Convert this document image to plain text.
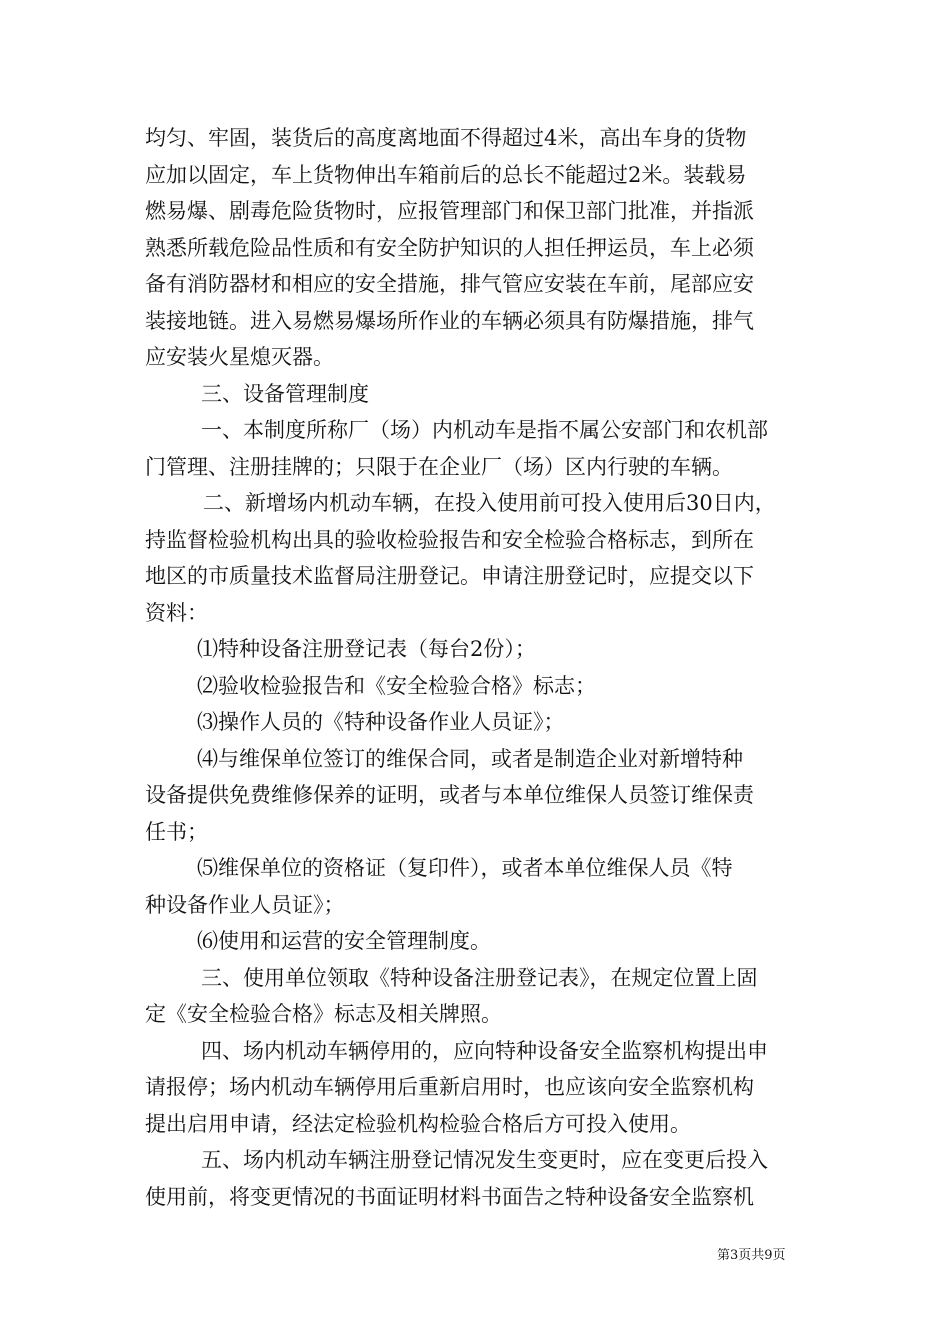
均匀、牢固，装货后的高度离地面不得超过4米，高出车身的货物
应加以固定，车上货物伸出车箱前后的总长不能超过2米。装载易
燃易爆、剧毒危险货物时，应报管理部门和保卫部门批准，并指派
熟悉所载危险品性质和有安全防护知识的人担任押运员，车上必须
备有消防器材和相应的安全措施，排气管应安装在车前，尾部应安
装接地链。进入易燃易爆场所作业的车辆必须具有防爆措施，排气
应安装火星熄灭器。
三、设备管理制度
一、本制度所称厂（场）内机动车是指不属公安部门和农机部
门管理、注册挂牌的；只限于在企业厂（场）区内行驶的车辆。
二、新增场内机动车辆，在投入使用前可投入使用后30日内，
持监督检验机构出具的验收检验报告和安全检验合格标志，到所在
地区的市质量技术监督局注册登记。申请注册登记时，应提交以下
资料：
⑴特种设备注册登记表（每台2份）；
⑵验收检验报告和《安全检验合格》标志；
⑶操作人员的《特种设备作业人员证》；
⑷与维保单位签订的维保合同，或者是制造企业对新增特种
设备提供免费维修保养的证明，或者与本单位维保人员签订维保责
任书；
⑸维保单位的资格证（复印件），或者本单位维保人员《特
种设备作业人员证》；
⑹使用和运营的安全管理制度。
三、使用单位领取《特种设备注册登记表》，在规定位置上固
定《安全检验合格》标志及相关牌照。
四、场内机动车辆停用的，应向特种设备安全监察机构提出申
请报停；场内机动车辆停用后重新启用时，也应该向安全监察机构
提出启用申请，经法定检验机构检验合格后方可投入使用。
五、场内机动车辆注册登记情况发生变更时，应在变更后投入
使用前，将变更情况的书面证明材料书面告之特种设备安全监察机
第3页共9页
